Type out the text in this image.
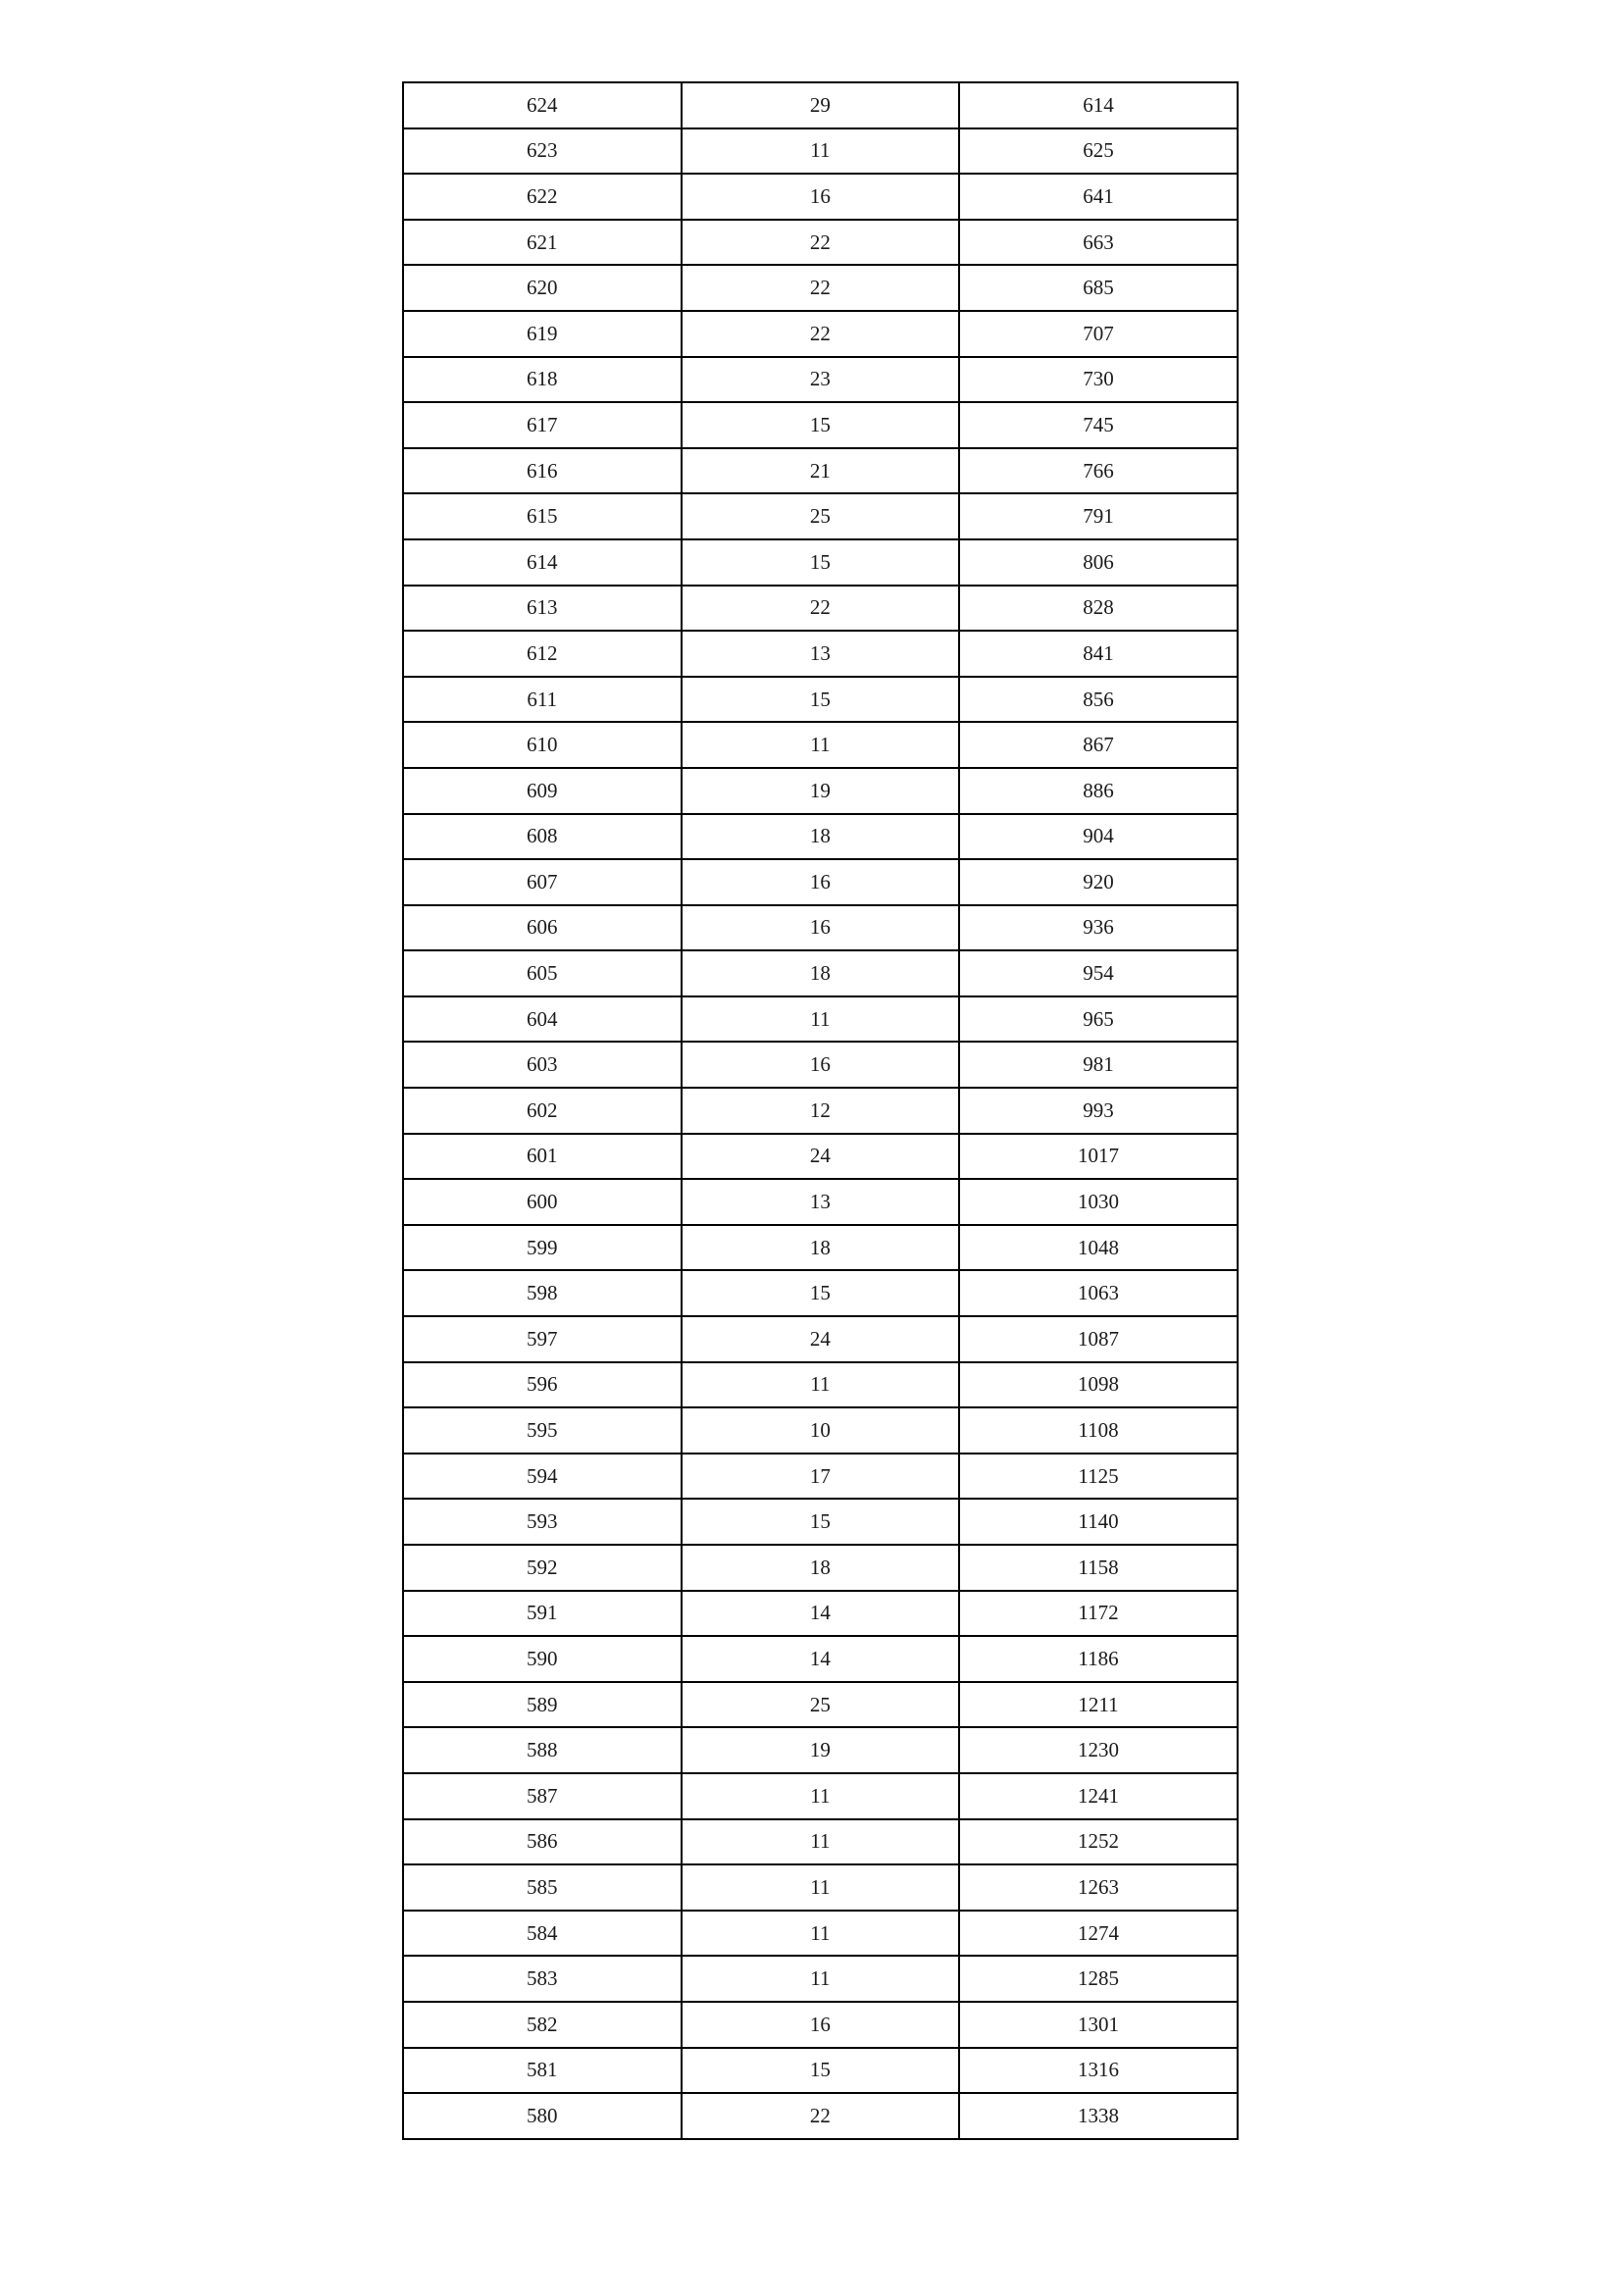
624	29	614
623	11	625
622	16	641
621	22	663
620	22	685
619	22	707
618	23	730
617	15	745
616	21	766
615	25	791
614	15	806
613	22	828
612	13	841
611	15	856
610	11	867
609	19	886
608	18	904
607	16	920
606	16	936
605	18	954
604	11	965
603	16	981
602	12	993
601	24	1017
600	13	1030
599	18	1048
598	15	1063
597	24	1087
596	11	1098
595	10	1108
594	17	1125
593	15	1140
592	18	1158
591	14	1172
590	14	1186
589	25	1211
588	19	1230
587	11	1241
586	11	1252
585	11	1263
584	11	1274
583	11	1285
582	16	1301
581	15	1316
580	22	1338
